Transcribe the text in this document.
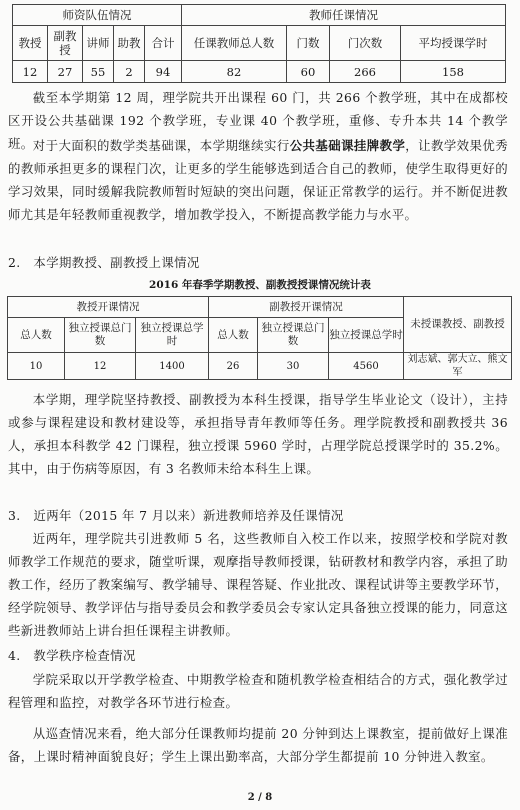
师资队伍情况					教师任课情况			
教授	副教授	讲师	助教	合计	任课教师总人数	门数	门次数	平均授课学时
12	27	55	2	94	82	60	266	158

截至本学期第 12 周，理学院共开出课程 60 门，共 266 个教学班，其中在成都校区开设公共基础课 192 个教学班，专业课 40 个教学班，重修、专升本共 14 个教学班。 对于大面积的数学类基础课，本学期继续实行公共基础课挂牌教学，让教学效果优秀的教师承担更多的课程门次，让更多的学生能够选到适合自己的教师，使学生取得更好的学习效果，同时缓解我院教师暂时短缺的突出问题，保证正常教学的运行。并不断促进教师尤其是年轻教师重视教学，增加教学投入，不断提高教学能力与水平。

2.　本学期教授、副教授上课情况

2016 年春季学期教授、副教授授课情况统计表

教授开课情况			副教授开课情况			未授课教授、副教授
总人数	独立授课总门数	独立授课总学时	总人数	独立授课总门数	独立授课总学时	
10	12	1400	26	30	4560	刘志斌、郭大立、熊文军

本学期，理学院坚持教授、副教授为本科生授课，指导学生毕业论文（设计），主持或参与课程建设和教材建设等，承担指导青年教师等任务。理学院教授和副教授共 36 人，承担本科教学 42 门课程，独立授课 5960 学时，占理学院总授课学时的 35.2%。其中，由于伤病等原因，有 3 名教师未给本科生上课。

3.　近两年（2015 年 7 月以来）新进教师培养及任课情况

近两年，理学院共引进教师 5 名，这些教师自入校工作以来，按照学校和学院对教师教学工作规范的要求，随堂听课，观摩指导教师授课，钻研教材和教学内容，承担了助教工作，经历了教案编写、教学辅导、课程答疑、作业批改、课程试讲等主要教学环节，经学院领导、教学评估与指导委员会和教学委员会专家认定具备独立授课的能力，同意这些新进教师站上讲台担任课程主讲教师。

4.　教学秩序检查情况

学院采取以开学教学检查、中期教学检查和随机教学检查相结合的方式，强化教学过程管理和监控，对教学各环节进行检查。

从巡查情况来看，绝大部分任课教师均提前 20 分钟到达上课教室，提前做好上课准备，上课时精神面貌良好；学生上课出勤率高，大部分学生都提前 10 分钟进入教室。

2 / 8
